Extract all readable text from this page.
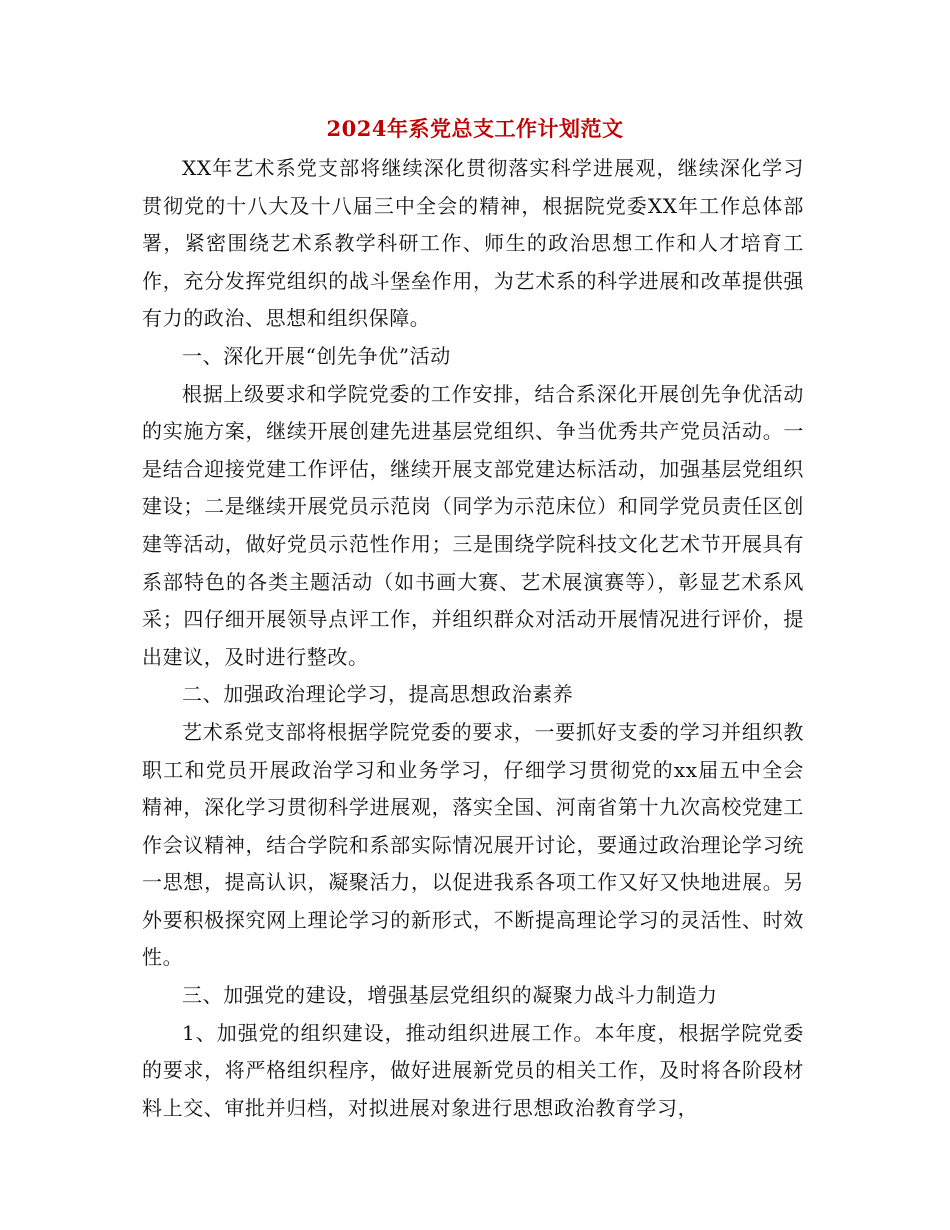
2024年系党总支工作计划范文

XX年艺术系党支部将继续深化贯彻落实科学进展观，继续深化学习贯彻党的十八大及十八届三中全会的精神，根据院党委XX年工作总体部署，紧密围绕艺术系教学科研工作、师生的政治思想工作和人才培育工作，充分发挥党组织的战斗堡垒作用，为艺术系的科学进展和改革提供强有力的政治、思想和组织保障。

一、深化开展“创先争优”活动

根据上级要求和学院党委的工作安排，结合系深化开展创先争优活动的实施方案，继续开展创建先进基层党组织、争当优秀共产党员活动。一是结合迎接党建工作评估，继续开展支部党建达标活动，加强基层党组织建设；二是继续开展党员示范岗（同学为示范床位）和同学党员责任区创建等活动，做好党员示范性作用；三是围绕学院科技文化艺术节开展具有系部特色的各类主题活动（如书画大赛、艺术展演赛等），彰显艺术系风采；四仔细开展领导点评工作，并组织群众对活动开展情况进行评价，提出建议，及时进行整改。

二、加强政治理论学习，提高思想政治素养

艺术系党支部将根据学院党委的要求，一要抓好支委的学习并组织教职工和党员开展政治学习和业务学习，仔细学习贯彻党的xx届五中全会精神，深化学习贯彻科学进展观，落实全国、河南省第十九次高校党建工作会议精神，结合学院和系部实际情况展开讨论，要通过政治理论学习统一思想，提高认识，凝聚活力，以促进我系各项工作又好又快地进展。另外要积极探究网上理论学习的新形式，不断提高理论学习的灵活性、时效性。

三、加强党的建设，增强基层党组织的凝聚力战斗力制造力

1、加强党的组织建设，推动组织进展工作。本年度，根据学院党委的要求，将严格组织程序，做好进展新党员的相关工作，及时将各阶段材料上交、审批并归档，对拟进展对象进行思想政治教育学习，
